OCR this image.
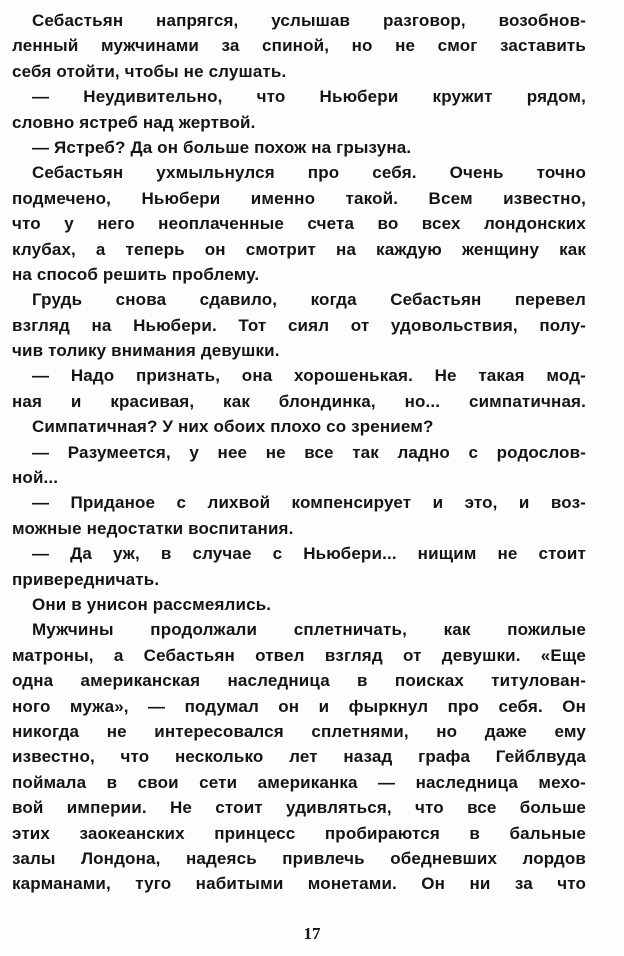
Себастьян напрягся, услышав разговор, возобнов-
ленный мужчинами за спиной, но не смог заставить
себя отойти, чтобы не слушать.
— Неудивительно, что Ньюбери кружит рядом,
словно ястреб над жертвой.
— Ястреб? Да он больше похож на грызуна.
Себастьян ухмыльнулся про себя. Очень точно
подмечено, Ньюбери именно такой. Всем известно,
что у него неоплаченные счета во всех лондонских
клубах, а теперь он смотрит на каждую женщину как
на способ решить проблему.
Грудь снова сдавило, когда Себастьян перевел
взгляд на Ньюбери. Тот сиял от удовольствия, полу-
чив толику внимания девушки.
— Надо признать, она хорошенькая. Не такая мод-
ная и красивая, как блондинка, но... симпатичная.
Симпатичная? У них обоих плохо со зрением?
— Разумеется, у нее не все так ладно с родослов-
ной...
— Приданое с лихвой компенсирует и это, и воз-
можные недостатки воспитания.
— Да уж, в случае с Ньюбери... нищим не стоит
привередничать.
Они в унисон рассмеялись.
Мужчины продолжали сплетничать, как пожилые
матроны, а Себастьян отвел взгляд от девушки. «Еще
одна американская наследница в поисках титулован-
ного мужа», — подумал он и фыркнул про себя. Он
никогда не интересовался сплетнями, но даже ему
известно, что несколько лет назад графа Гейблвуда
поймала в свои сети американка — наследница мехо-
вой империи. Не стоит удивляться, что все больше
этих заокеанских принцесс пробираются в бальные
залы Лондона, надеясь привлечь обедневших лордов
карманами, туго набитыми монетами. Он ни за что
17
